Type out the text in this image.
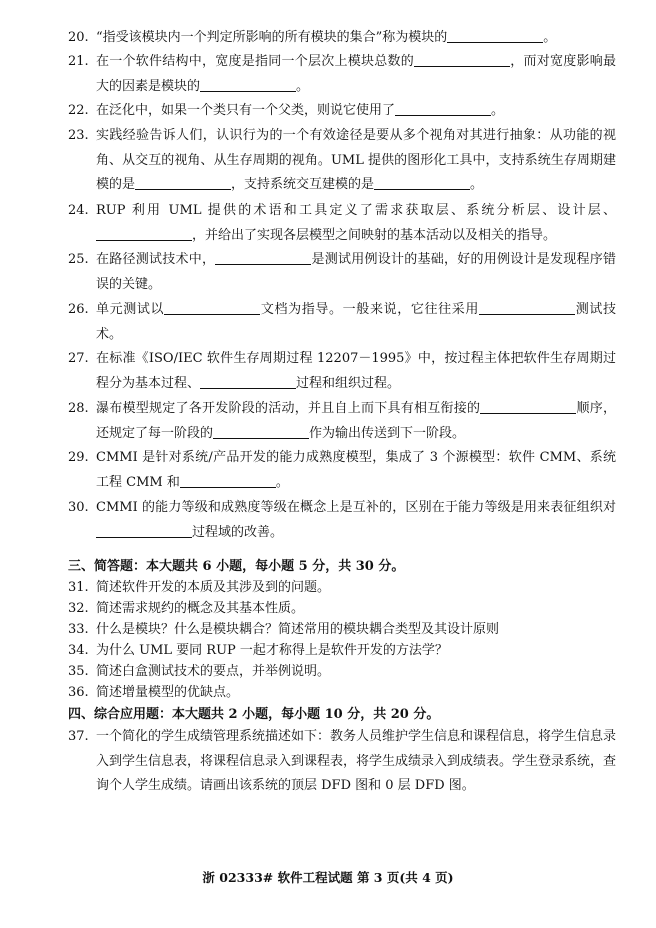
20. “指受该模块内一个判定所影响的所有模块的集合”称为模块的	。
21. 在一个软件结构中，宽度是指同一个层次上模块总数的	，而对宽度影响最大的因素是模块的	。
22. 在泛化中，如果一个类只有一个父类，则说它使用了	。
23. 实践经验告诉人们，认识行为的一个有效途径是要从多个视角对其进行抽象：从功能的视角、从交互的视角、从生存周期的视角。UML 提供的图形化工具中，支持系统生存周期建模的是	，支持系统交互建模的是	。
24. RUP 利用 UML 提供的术语和工具定义了需求获取层、系统分析层、设计层、，并给出了实现各层模型之间映射的基本活动以及相关的指导。
25. 在路径测试技术中，	是测试用例设计的基础，好的用例设计是发现程序错误的关键。
26. 单元测试以	文档为指导。一般来说，它往往采用	测试技术。
27. 在标准《ISO/IEC 软件生存周期过程 12207－1995》中，按过程主体把软件生存周期过程分为基本过程、	过程和组织过程。
28. 瀑布模型规定了各开发阶段的活动，并且自上而下具有相互衔接的	顺序，还规定了每一阶段的	作为输出传送到下一阶段。
29. CMMI 是针对系统/产品开发的能力成熟度模型，集成了 3 个源模型：软件 CMM、系统工程 CMM 和	。
30. CMMI 的能力等级和成熟度等级在概念上是互补的，区别在于能力等级是用来表征组织对过程域的改善。
三、简答题：本大题共 6 小题，每小题 5 分，共 30 分。
31. 简述软件开发的本质及其涉及到的问题。
32. 简述需求规约的概念及其基本性质。
33. 什么是模块？什么是模块耦合？简述常用的模块耦合类型及其设计原则
34. 为什么 UML 要同 RUP 一起才称得上是软件开发的方法学？
35. 简述白盒测试技术的要点，并举例说明。
36. 简述增量模型的优缺点。
四、综合应用题：本大题共 2 小题，每小题 10 分，共 20 分。
37. 一个简化的学生成绩管理系统描述如下：教务人员维护学生信息和课程信息，将学生信息录入到学生信息表，将课程信息录入到课程表，将学生成绩录入到成绩表。学生登录系统，查询个人学生成绩。请画出该系统的顶层 DFD 图和 0 层 DFD 图。
浙 02333# 软件工程试题 第 3 页(共 4 页)
